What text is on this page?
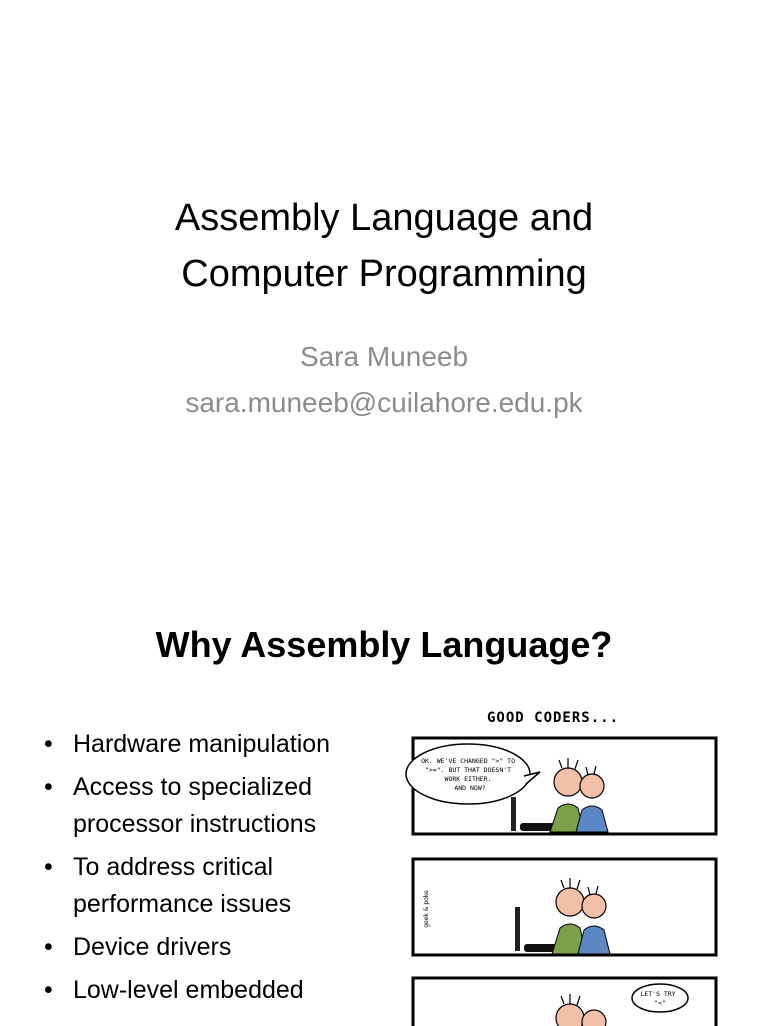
Assembly Language and
Computer Programming
Sara Muneeb
sara.muneeb@cuilahore.edu.pk
Why Assembly Language?
• Hardware manipulation
• Access to specialized
processor instructions
• To address critical
performance issues
• Device drivers
• Low-level embedded
GOOD CODERS...
OK. WE'VE CHANGED ">" TO ">=". BUT THAT DOESN'T WORK EITHER. AND NOW?
geek & poke
LET'S TRY "<"
